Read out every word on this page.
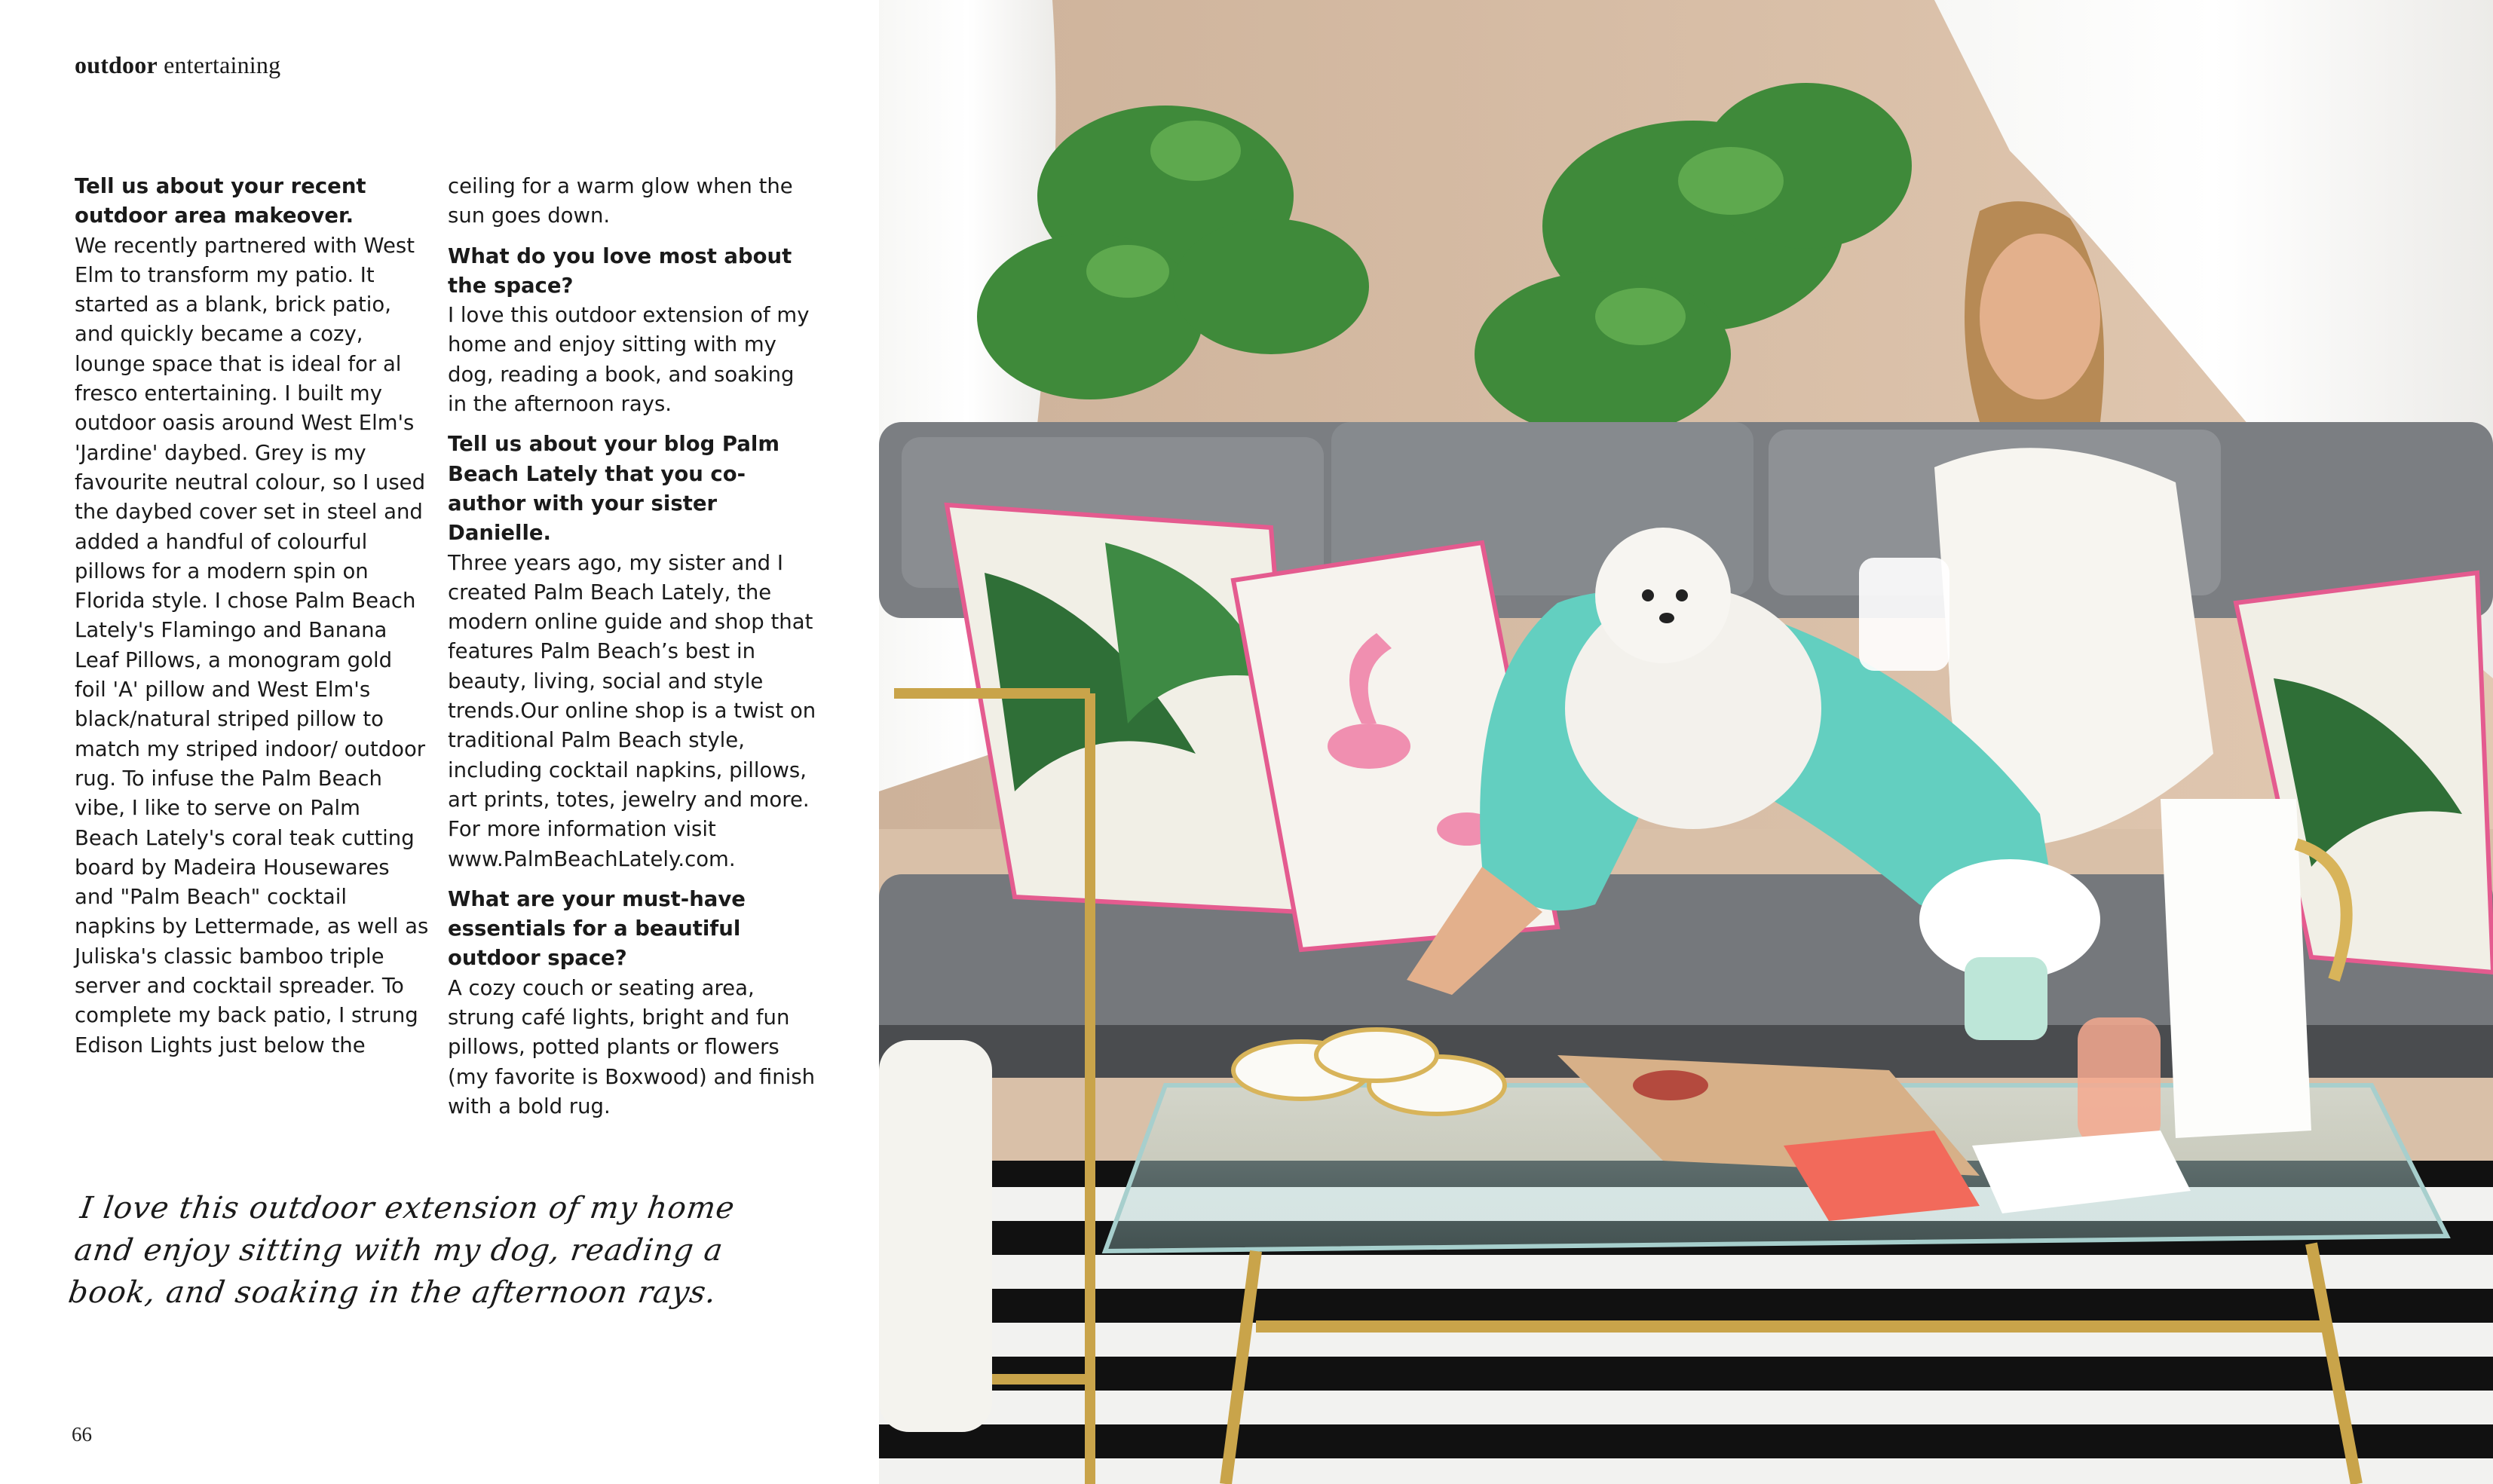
outdoor entertaining

Tell us about your recent outdoor area makeover.
We recently partnered with West Elm to transform my patio. It started as a blank, brick patio, and quickly became a cozy, lounge space that is ideal for al fresco entertaining. I built my outdoor oasis around West Elm's 'Jardine' daybed. Grey is my favourite neutral colour, so I used the daybed cover set in steel and added a handful of colourful pillows for a modern spin on Florida style. I chose Palm Beach Lately's Flamingo and Banana Leaf Pillows, a monogram gold foil 'A' pillow and West Elm's black/natural striped pillow to match my striped indoor/ outdoor rug. To infuse the Palm Beach vibe, I like to serve on Palm Beach Lately's coral teak cutting board by Madeira Housewares and "Palm Beach" cocktail napkins by Lettermade, as well as Juliska's classic bamboo triple server and cocktail spreader. To complete my back patio, I strung Edison Lights just below the

ceiling for a warm glow when the sun goes down.

What do you love most about the space?
I love this outdoor extension of my home and enjoy sitting with my dog, reading a book, and soaking in the afternoon rays.

Tell us about your blog Palm Beach Lately that you co-author with your sister Danielle.
Three years ago, my sister and I created Palm Beach Lately, the modern online guide and shop that features Palm Beach’s best in beauty, living, social and style trends.Our online shop is a twist on traditional Palm Beach style, including cocktail napkins, pillows, art prints, totes, jewelry and more. For more information visit www.PalmBeachLately.com.

What are your must-have essentials for a beautiful outdoor space?
A cozy couch or seating area, strung café lights, bright and fun pillows, potted plants or flowers (my favorite is Boxwood) and finish with a bold rug.

I love this outdoor extension of my home and enjoy sitting with my dog, reading a book, and soaking in the afternoon rays.
66
